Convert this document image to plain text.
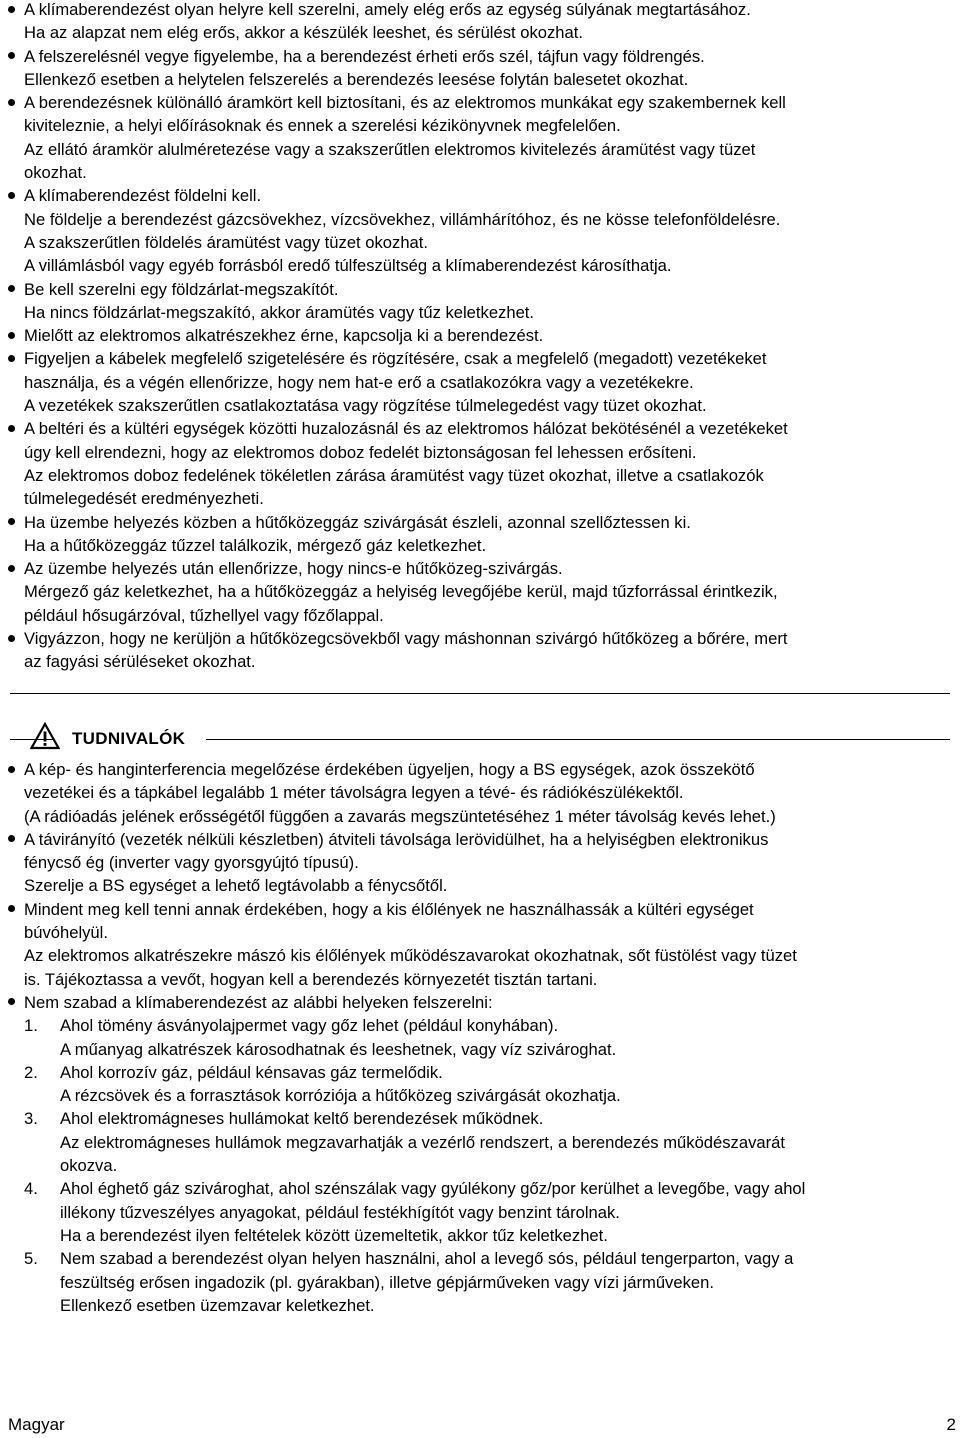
A klímaberendezést olyan helyre kell szerelni, amely elég erős az egység súlyának megtartásához.
Ha az alapzat nem elég erős, akkor a készülék leeshet, és sérülést okozhat.
A felszerelésnél vegye figyelembe, ha a berendezést érheti erős szél, tájfun vagy földrengés.
Ellenkező esetben a helytelen felszerelés a berendezés leesése folytán balesetet okozhat.
A berendezésnek különálló áramkört kell biztosítani, és az elektromos munkákat egy szakembernek kell
kiviteleznie, a helyi előírásoknak és ennek a szerelési kézikönyvnek megfelelően.
Az ellátó áramkör alulméretezése vagy a szakszerűtlen elektromos kivitelezés áramütést vagy tüzet
okozhat.
A klímaberendezést földelni kell.
Ne földelje a berendezést gázcsövekhez, vízcsövekhez, villámhárítóhoz, és ne kösse telefonföldelésre.
A szakszerűtlen földelés áramütést vagy tüzet okozhat.
A villámlásból vagy egyéb forrásból eredő túlfeszültség a klímaberendezést károsíthatja.
Be kell szerelni egy földzárlat-megszakítót.
Ha nincs földzárlat-megszakító, akkor áramütés vagy tűz keletkezhet.
Mielőtt az elektromos alkatrészekhez érne, kapcsolja ki a berendezést.
Figyeljen a kábelek megfelelő szigetelésére és rögzítésére, csak a megfelelő (megadott) vezetékeket
használja, és a végén ellenőrizze, hogy nem hat-e erő a csatlakozókra vagy a vezetékekre.
A vezetékek szakszerűtlen csatlakoztatása vagy rögzítése túlmelegedést vagy tüzet okozhat.
A beltéri és a kültéri egységek közötti huzalozásnál és az elektromos hálózat bekötésénél a vezetékeket
úgy kell elrendezni, hogy az elektromos doboz fedelét biztonságosan fel lehessen erősíteni.
Az elektromos doboz fedelének tökéletlen zárása áramütést vagy tüzet okozhat, illetve a csatlakozók
túlmelegedését eredményezheti.
Ha üzembe helyezés közben a hűtőközeggáz szivárgását észleli, azonnal szellőztessen ki.
Ha a hűtőközeggáz tűzzel találkozik, mérgező gáz keletkezhet.
Az üzembe helyezés után ellenőrizze, hogy nincs-e hűtőközeg-szivárgás.
Mérgező gáz keletkezhet, ha a hűtőközeggáz a helyiség levegőjébe kerül, majd tűzforrással érintkezik,
például hősugárzóval, tűzhellyel vagy főzőlappal.
Vigyázzon, hogy ne kerüljön a hűtőközegcsövekből vagy máshonnan szivárgó hűtőközeg a bőrére, mert
az fagyási sérüléseket okozhat.
TUDNIVALÓK
A kép- és hanginterferencia megelőzése érdekében ügyeljen, hogy a BS egységek, azok összekötő
vezetékei és a tápkábel legalább 1 méter távolságra legyen a tévé- és rádiókészülékektől.
(A rádióadás jelének erősségétől függően a zavarás megszüntetéséhez 1 méter távolság kevés lehet.)
A távirányító (vezeték nélküli készletben) átviteli távolsága lerövidülhet, ha a helyiségben elektronikus
fénycső ég (inverter vagy gyorsgyújtó típusú).
Szerelje a BS egységet a lehető legtávolabb a fénycsőtől.
Mindent meg kell tenni annak érdekében, hogy a kis élőlények ne használhassák a kültéri egységet
búvóhelyül.
Az elektromos alkatrészekre mászó kis élőlények működészavarokat okozhatnak, sőt füstölést vagy tüzet
is. Tájékoztassa a vevőt, hogyan kell a berendezés környezetét tisztán tartani.
Nem szabad a klímaberendezést az alábbi helyeken felszerelni:
1. Ahol tömény ásványolajpermet vagy gőz lehet (például konyhában).
A műanyag alkatrészek károsodhatnak és leeshetnek, vagy víz szivároghat.
2. Ahol korrozív gáz, például kénsavas gáz termelődik.
A rézcsövek és a forrasztások korróziója a hűtőközeg szivárgását okozhatja.
3. Ahol elektromágneses hullámokat keltő berendezések működnek.
Az elektromágneses hullámok megzavarhatják a vezérlő rendszert, a berendezés működészavarát
okozva.
4. Ahol éghető gáz szivároghat, ahol szénszálak vagy gyúlékony gőz/por kerülhet a levegőbe, vagy ahol
illékony tűzveszélyes anyagokat, például festékhígítót vagy benzint tárolnak.
Ha a berendezést ilyen feltételek között üzemeltetik, akkor tűz keletkezhet.
5. Nem szabad a berendezést olyan helyen használni, ahol a levegő sós, például tengerparton, vagy a
feszültség erősen ingadozik (pl. gyárakban), illetve gépjárműveken vagy vízi járműveken.
Ellenkező esetben üzemzavar keletkezhet.
Magyar	2
